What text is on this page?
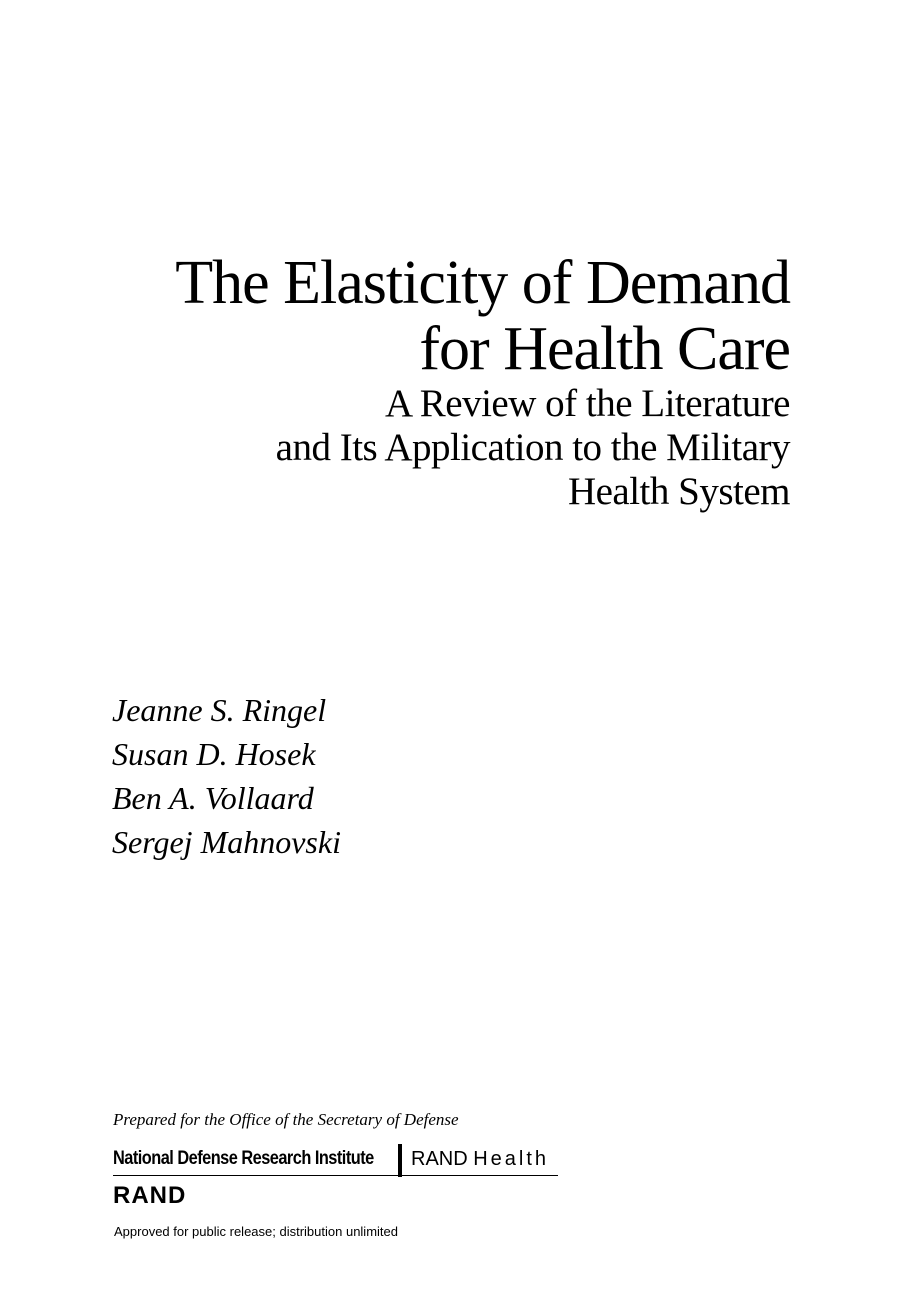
The Elasticity of Demand
for Health Care
A Review of the Literature
and Its Application to the Military
Health System
Jeanne S. Ringel
Susan D. Hosek
Ben A. Vollaard
Sergej Mahnovski
Prepared for the Office of the Secretary of Defense
National Defense Research Institute RAND Health
RAND
Approved for public release; distribution unlimited
